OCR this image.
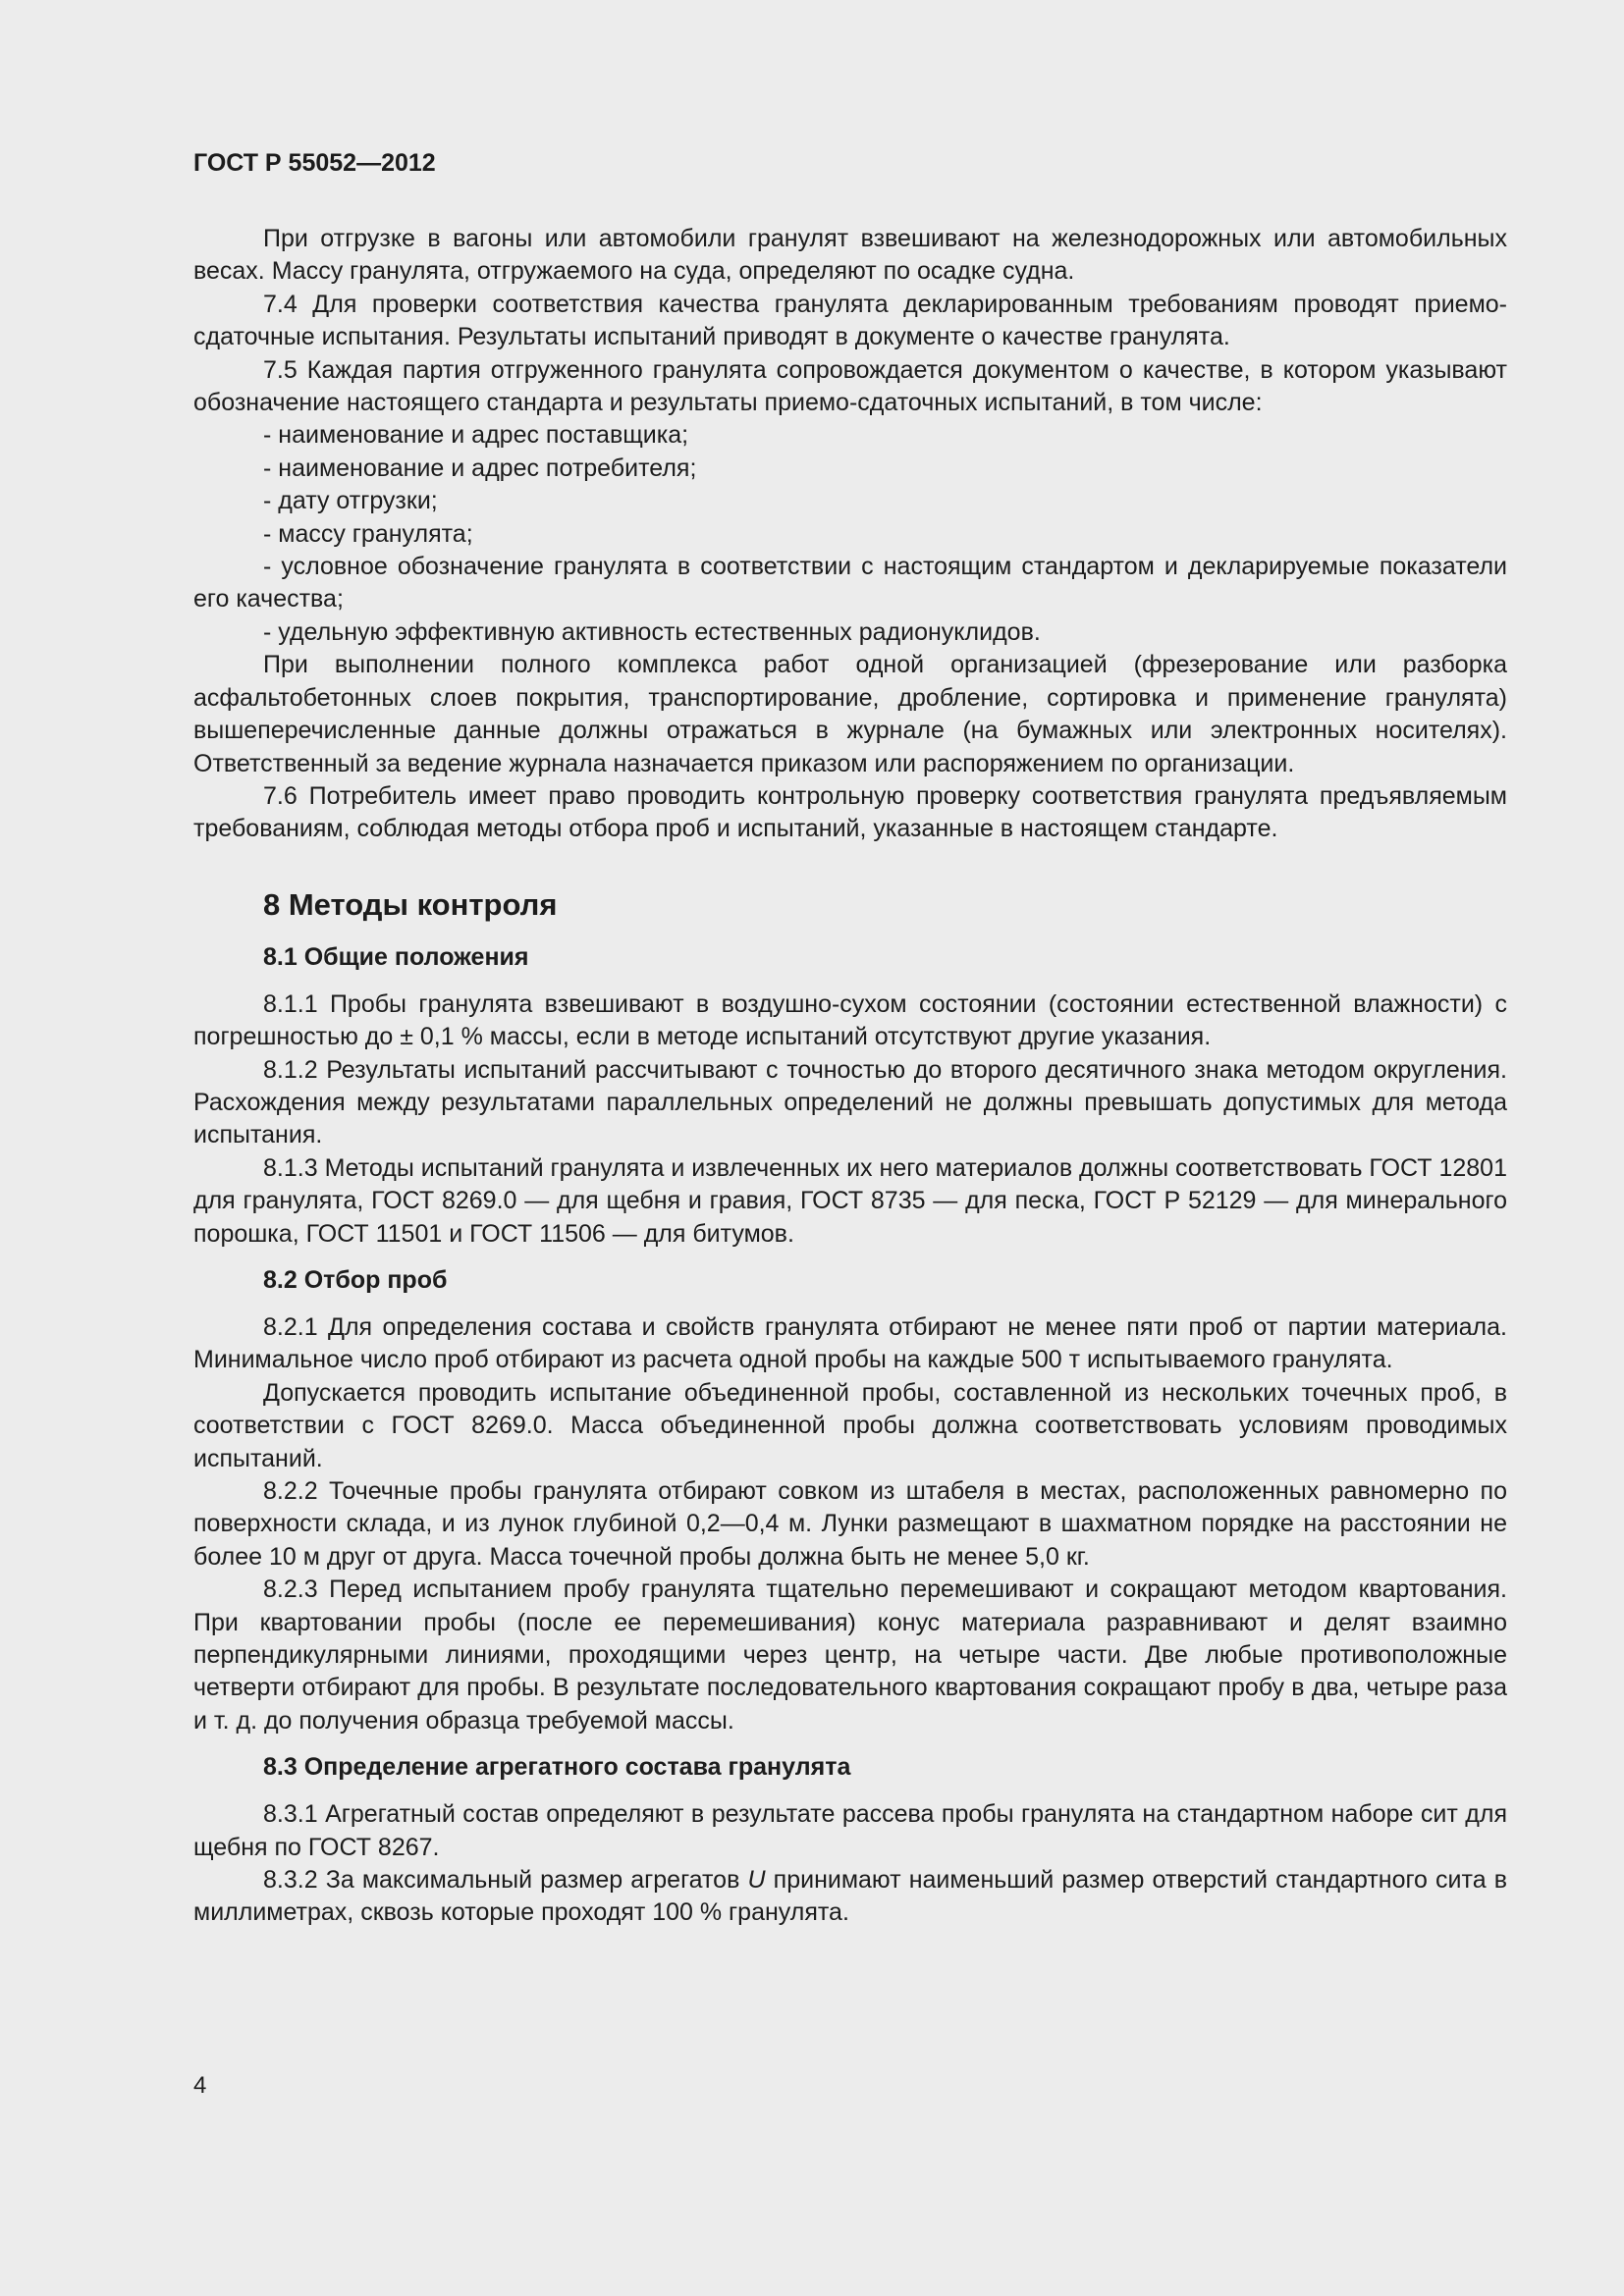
ГОСТ Р 55052—2012

При отгрузке в вагоны или автомобили гранулят взвешивают на железнодорожных или автомобильных весах. Массу гранулята, отгружаемого на суда, определяют по осадке судна.

7.4 Для проверки соответствия качества гранулята декларированным требованиям проводят приемо-сдаточные испытания. Результаты испытаний приводят в документе о качестве гранулята.

7.5 Каждая партия отгруженного гранулята сопровождается документом о качестве, в котором указывают обозначение настоящего стандарта и результаты приемо-сдаточных испытаний, в том числе:

- наименование и адрес поставщика;

- наименование и адрес потребителя;

- дату отгрузки;

- массу гранулята;

- условное обозначение гранулята в соответствии с настоящим стандартом и декларируемые показатели его качества;

- удельную эффективную активность естественных радионуклидов.

При выполнении полного комплекса работ одной организацией (фрезерование или разборка асфальтобетонных слоев покрытия, транспортирование, дробление, сортировка и применение гранулята) вышеперечисленные данные должны отражаться в журнале (на бумажных или электронных носителях). Ответственный за ведение журнала назначается приказом или распоряжением по организации.

7.6 Потребитель имеет право проводить контрольную проверку соответствия гранулята предъявляемым требованиям, соблюдая методы отбора проб и испытаний, указанные в настоящем стандарте.

8 Методы контроля
8.1 Общие положения

8.1.1 Пробы гранулята взвешивают в воздушно-сухом состоянии (состоянии естественной влажности) с погрешностью до ± 0,1 % массы, если в методе испытаний отсутствуют другие указания.

8.1.2 Результаты испытаний рассчитывают с точностью до второго десятичного знака методом округления. Расхождения между результатами параллельных определений не должны превышать допустимых для метода испытания.

8.1.3 Методы испытаний гранулята и извлеченных их него материалов должны соответствовать ГОСТ 12801 для гранулята, ГОСТ 8269.0 — для щебня и гравия, ГОСТ 8735 — для песка, ГОСТ Р 52129 — для минерального порошка, ГОСТ 11501 и ГОСТ 11506 — для битумов.

8.2 Отбор проб

8.2.1 Для определения состава и свойств гранулята отбирают не менее пяти проб от партии материала. Минимальное число проб отбирают из расчета одной пробы на каждые 500 т испытываемого гранулята.

Допускается проводить испытание объединенной пробы, составленной из нескольких точечных проб, в соответствии с ГОСТ 8269.0. Масса объединенной пробы должна соответствовать условиям проводимых испытаний.

8.2.2 Точечные пробы гранулята отбирают совком из штабеля в местах, расположенных равномерно по поверхности склада, и из лунок глубиной 0,2—0,4 м. Лунки размещают в шахматном порядке на расстоянии не более 10 м друг от друга. Масса точечной пробы должна быть не менее 5,0 кг.

8.2.3 Перед испытанием пробу гранулята тщательно перемешивают и сокращают методом квартования. При квартовании пробы (после ее перемешивания) конус материала разравнивают и делят взаимно перпендикулярными линиями, проходящими через центр, на четыре части. Две любые противоположные четверти отбирают для пробы. В результате последовательного квартования сокращают пробу в два, четыре раза и т. д. до получения образца требуемой массы.

8.3 Определение агрегатного состава гранулята

8.3.1 Агрегатный состав определяют в результате рассева пробы гранулята на стандартном наборе сит для щебня по ГОСТ 8267.

8.3.2 За максимальный размер агрегатов U принимают наименьший размер отверстий стандартного сита в миллиметрах, сквозь которые проходят 100 % гранулята.

4
